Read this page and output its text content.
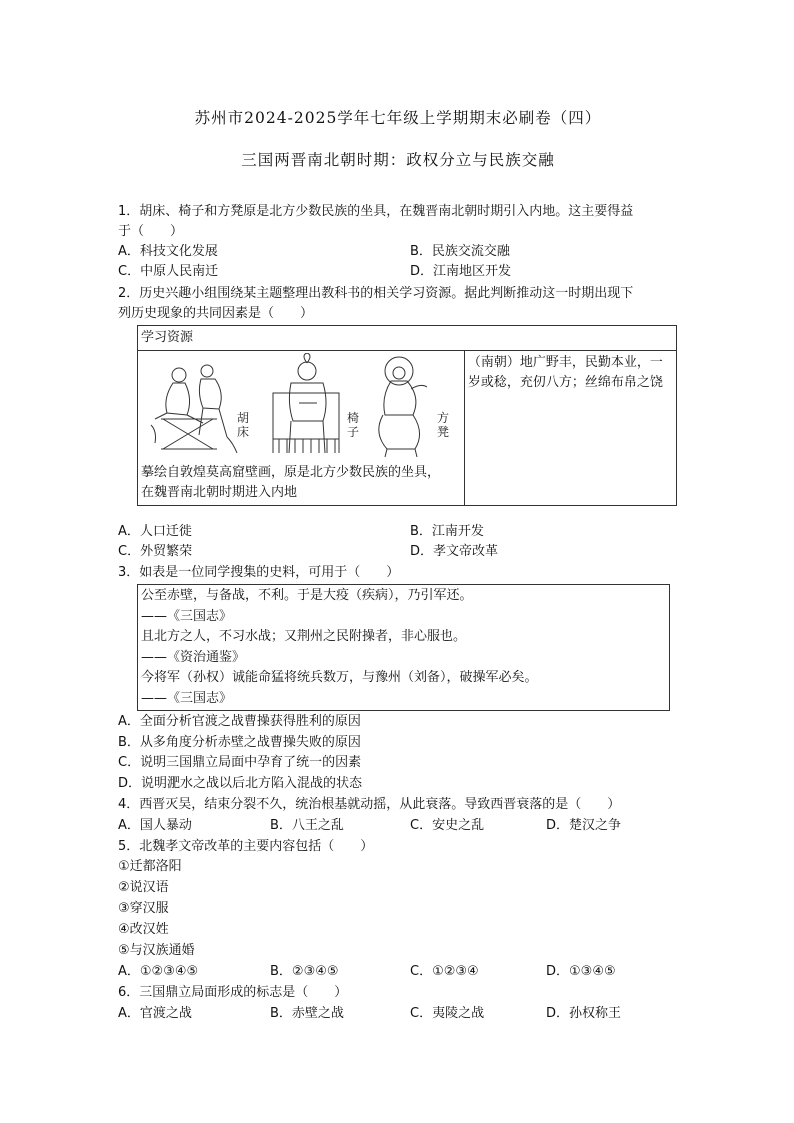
苏州市2024-2025学年七年级上学期期末必刷卷（四）
三国两晋南北朝时期：政权分立与民族交融
1．胡床、椅子和方凳原是北方少数民族的坐具，在魏晋南北朝时期引入内地。这主要得益
于（　　）
A．科技文化发展	B．民族交流交融
C．中原人民南迁	D．江南地区开发
2．历史兴趣小组围绕某主题整理出教科书的相关学习资源。据此判断推动这一时期出现下
列历史现象的共同因素是（　　）
学习资源

胡床
椅子
方凳
摹绘自敦煌莫高窟壁画，原是北方少数民族的坐具，
在魏晋南北朝时期进入内地

（南朝）地广野丰，民勤本业，一
岁或稔，充仞八方；丝绵布帛之饶
A．人口迁徙	B．江南开发
C．外贸繁荣	D．孝文帝改革
3．如表是一位同学搜集的史料，可用于（　　）
公至赤壁，与备战，不利。于是大疫（疾病），乃引军还。
——《三国志》
且北方之人，不习水战；又荆州之民附操者，非心服也。
——《资治通鉴》
今将军（孙权）诚能命猛将统兵数万，与豫州（刘备），破操军必矣。
——《三国志》
A．全面分析官渡之战曹操获得胜利的原因
B．从多角度分析赤壁之战曹操失败的原因
C．说明三国鼎立局面中孕育了统一的因素
D．说明淝水之战以后北方陷入混战的状态
4．西晋灭吴，结束分裂不久，统治根基就动摇，从此衰落。导致西晋衰落的是（　　）
A．国人暴动	B．八王之乱	C．安史之乱	D．楚汉之争
5．北魏孝文帝改革的主要内容包括（　　）
①迁都洛阳
②说汉语
③穿汉服
④改汉姓
⑤与汉族通婚
A．①②③④⑤	B．②③④⑤	C．①②③④	D．①③④⑤
6．三国鼎立局面形成的标志是（　　）
A．官渡之战	B．赤壁之战	C．夷陵之战	D．孙权称王
